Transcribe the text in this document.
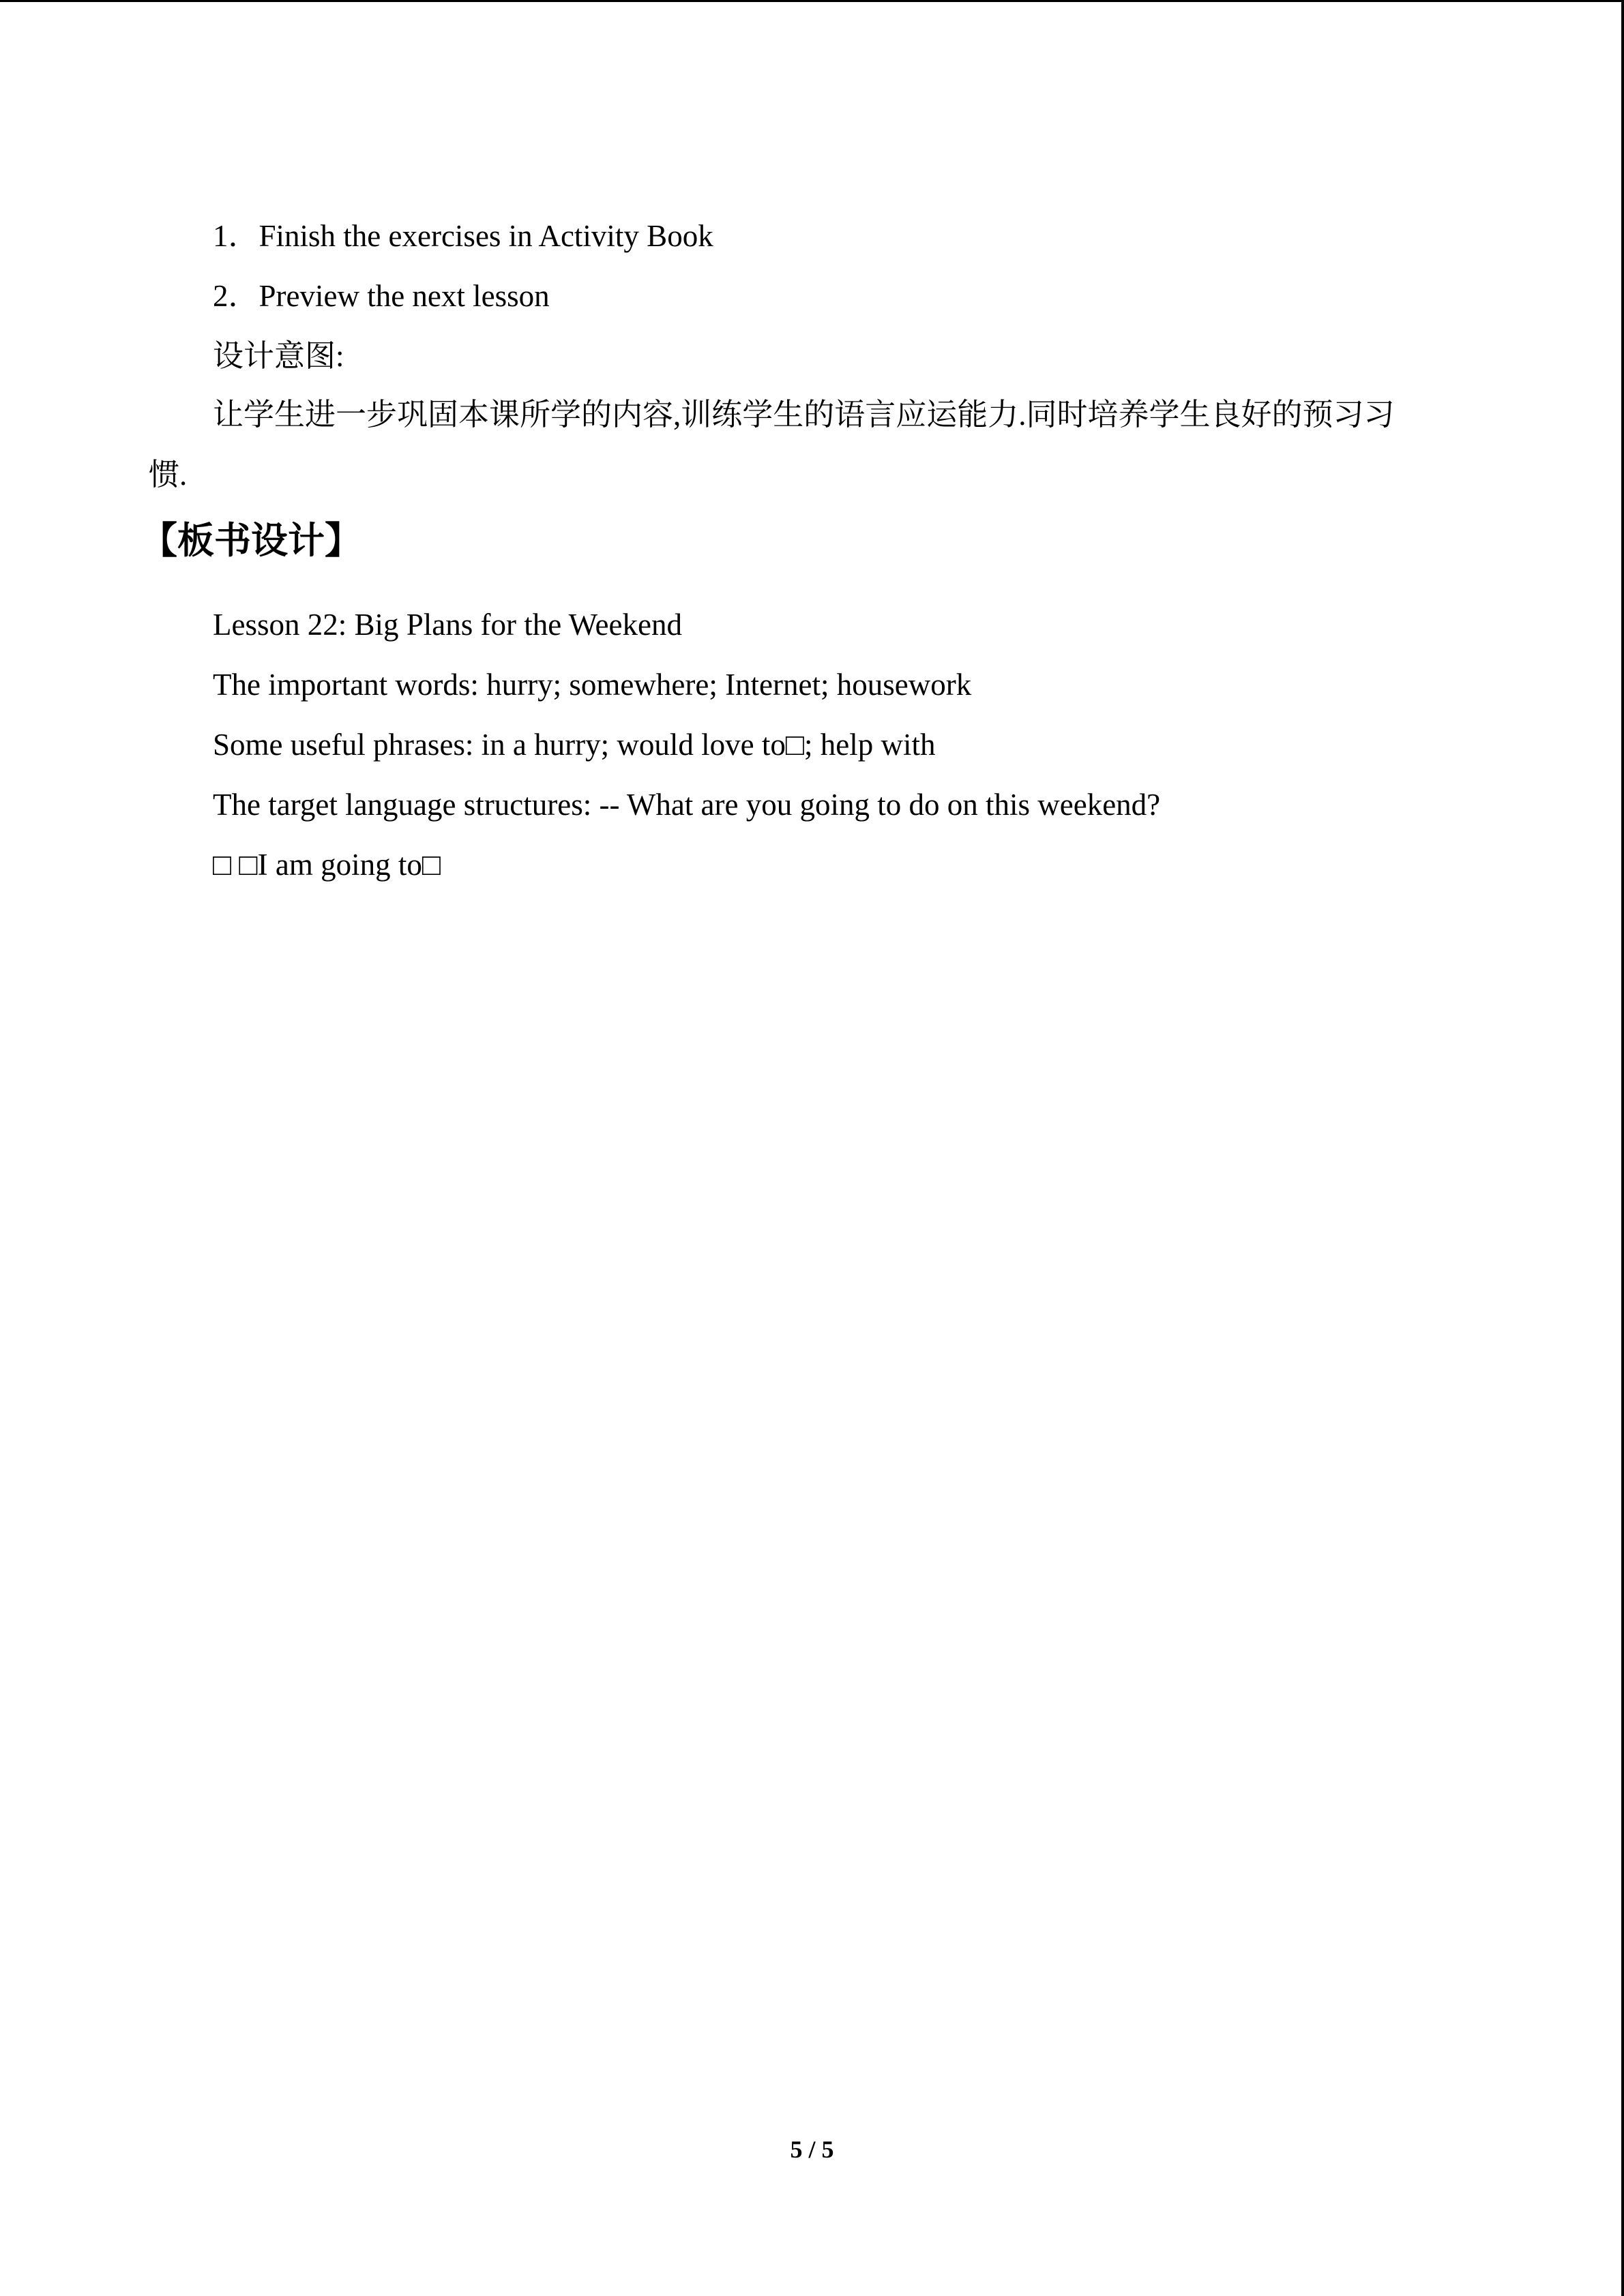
1．Finish the exercises in Activity Book
2．Preview the next lesson
设计意图:
让学生进一步巩固本课所学的内容,训练学生的语言应运能力.同时培养学生良好的预习习
惯.
【板书设计】
Lesson 22: Big Plans for the Weekend
The important words: hurry; somewhere; Internet; housework
Some useful phrases: in a hurry; would love to□; help with
The target language structures: -- What are you going to do on this weekend?
□ □I am going to□
5 / 5
